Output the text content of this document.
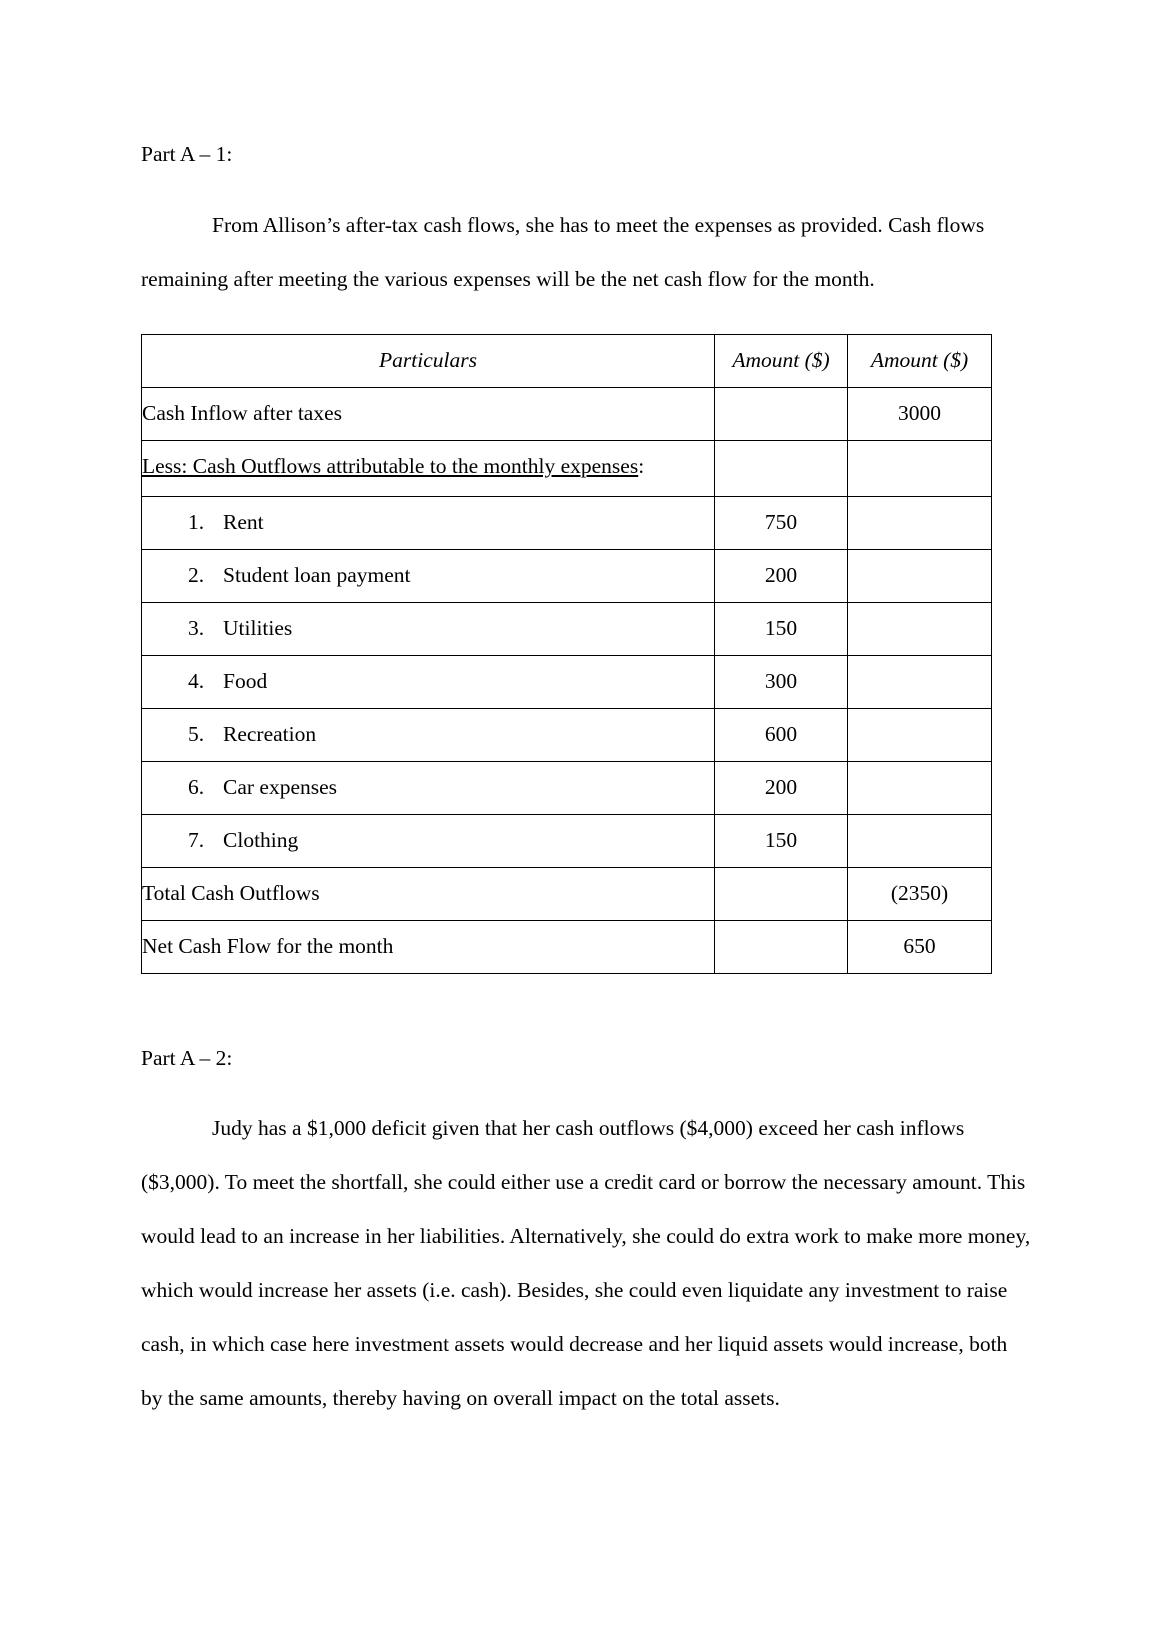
Part A – 1:

From Allison’s after-tax cash flows, she has to meet the expenses as provided. Cash flows remaining after meeting the various expenses will be the net cash flow for the month.

Particulars	Amount ($)	Amount ($)
Cash Inflow after taxes		3000
Less: Cash Outflows attributable to the monthly expenses:		
1. Rent	750	
2. Student loan payment	200	
3. Utilities	150	
4. Food	300	
5. Recreation	600	
6. Car expenses	200	
7. Clothing	150	
Total Cash Outflows		(2350)
Net Cash Flow for the month		650
Part A – 2:

Judy has a $1,000 deficit given that her cash outflows ($4,000) exceed her cash inflows ($3,000). To meet the shortfall, she could either use a credit card or borrow the necessary amount. This would lead to an increase in her liabilities. Alternatively, she could do extra work to make more money, which would increase her assets (i.e. cash). Besides, she could even liquidate any investment to raise cash, in which case here investment assets would decrease and her liquid assets would increase, both by the same amounts, thereby having on overall impact on the total assets.
